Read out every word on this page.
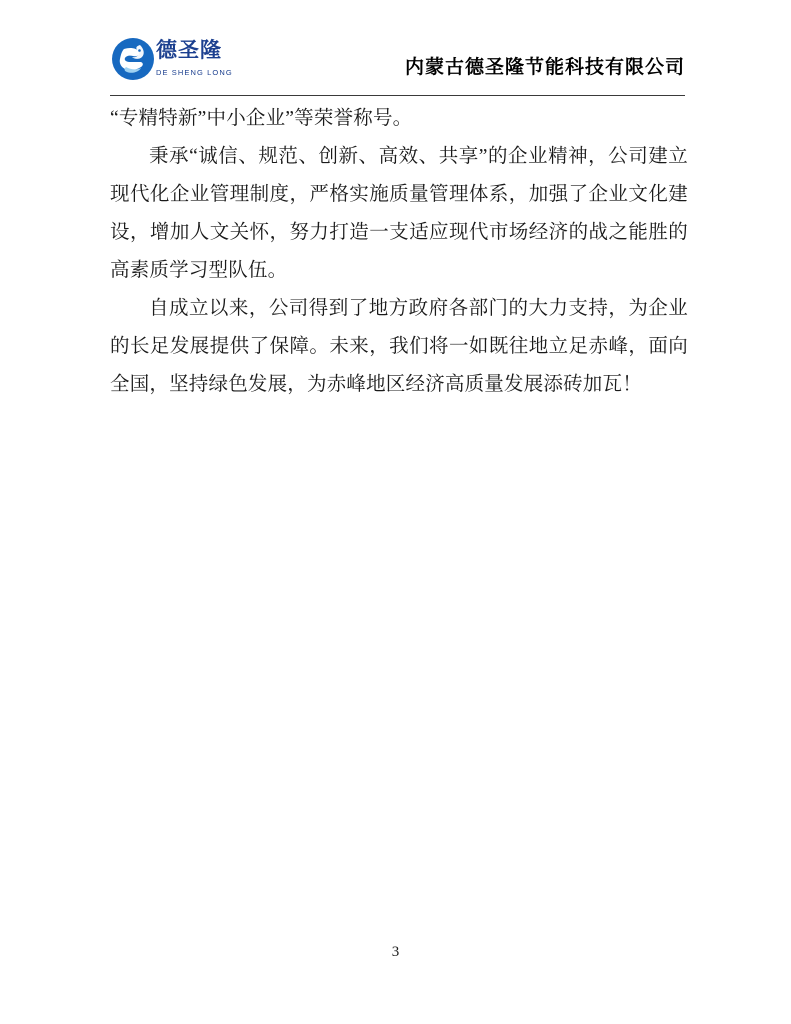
德圣隆 DE SHENG LONG	内蒙古德圣隆节能科技有限公司

“专精特新”中小企业”等荣誉称号。

秉承“诚信、规范、创新、高效、共享”的企业精神，公司建立现代化企业管理制度，严格实施质量管理体系，加强了企业文化建设，增加人文关怀，努力打造一支适应现代市场经济的战之能胜的高素质学习型队伍。

自成立以来，公司得到了地方政府各部门的大力支持，为企业的长足发展提供了保障。未来，我们将一如既往地立足赤峰，面向全国，坚持绿色发展，为赤峰地区经济高质量发展添砖加瓦！

3
